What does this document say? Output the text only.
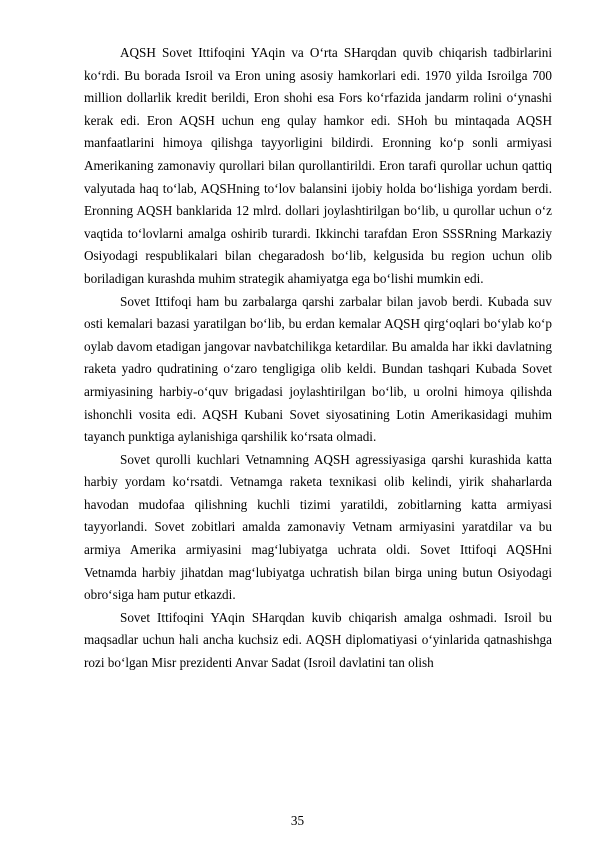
AQSH Sovet Ittifoqini YAqin va O‘rta SHarqdan quvib chiqarish tadbirlarini ko‘rdi. Bu borada Isroil va Eron uning asosiy hamkorlari edi. 1970 yilda Isroilga 700 million dollarlik kredit berildi, Eron shohi esa Fors ko‘rfazida jandarm rolini o‘ynashi kerak edi. Eron AQSH uchun eng qulay hamkor edi. SHoh bu mintaqada AQSH manfaatlarini himoya qilishga tayyorligini bildirdi. Eronning ko‘p sonli armiyasi Amerikaning zamonaviy qurollari bilan qurollantirildi. Eron tarafi qurollar uchun qattiq valyutada haq to‘lab, AQSHning to‘lov balansini ijobiy holda bo‘lishiga yordam berdi. Eronning AQSH banklarida 12 mlrd. dollari joylashtirilgan bo‘lib, u qurollar uchun o‘z vaqtida to‘lovlarni amalga oshirib turardi. Ikkinchi tarafdan Eron SSSRning Markaziy Osiyodagi respublikalari bilan chegaradosh bo‘lib, kelgusida bu region uchun olib boriladigan kurashda muhim strategik ahamiyatga ega bo‘lishi mumkin edi.

Sovet Ittifoqi ham bu zarbalarga qarshi zarbalar bilan javob berdi. Kubada suv osti kemalari bazasi yaratilgan bo‘lib, bu erdan kemalar AQSH qirg‘oqlari bo‘ylab ko‘p oylab davom etadigan jangovar navbatchilikga ketardilar. Bu amalda har ikki davlatning raketa yadro qudratining o‘zaro tengligiga olib keldi. Bundan tashqari Kubada Sovet armiyasining harbiy-o‘quv brigadasi joylashtirilgan bo‘lib, u orolni himoya qilishda ishonchli vosita edi. AQSH Kubani Sovet siyosatining Lotin Amerikasidagi muhim tayanch punktiga aylanishiga qarshilik ko‘rsata olmadi.

Sovet qurolli kuchlari Vetnamning AQSH agressiyasiga qarshi kurashida katta harbiy yordam ko‘rsatdi. Vetnamga raketa texnikasi olib kelindi, yirik shaharlarda havodan mudofaa qilishning kuchli tizimi yaratildi, zobitlarning katta armiyasi tayyorlandi. Sovet zobitlari amalda zamonaviy Vetnam armiyasini yaratdilar va bu armiya Amerika armiyasini mag‘lubiyatga uchrata oldi. Sovet Ittifoqi AQSHni Vetnamda harbiy jihatdan mag‘lubiyatga uchratish bilan birga uning butun Osiyodagi obro‘siga ham putur etkazdi.

Sovet Ittifoqini YAqin SHarqdan kuvib chiqarish amalga oshmadi. Isroil bu maqsadlar uchun hali ancha kuchsiz edi. AQSH diplomatiyasi o‘yinlarida qatnashishga rozi bo‘lgan Misr prezidenti Anvar Sadat (Isroil davlatini tan olish

35
